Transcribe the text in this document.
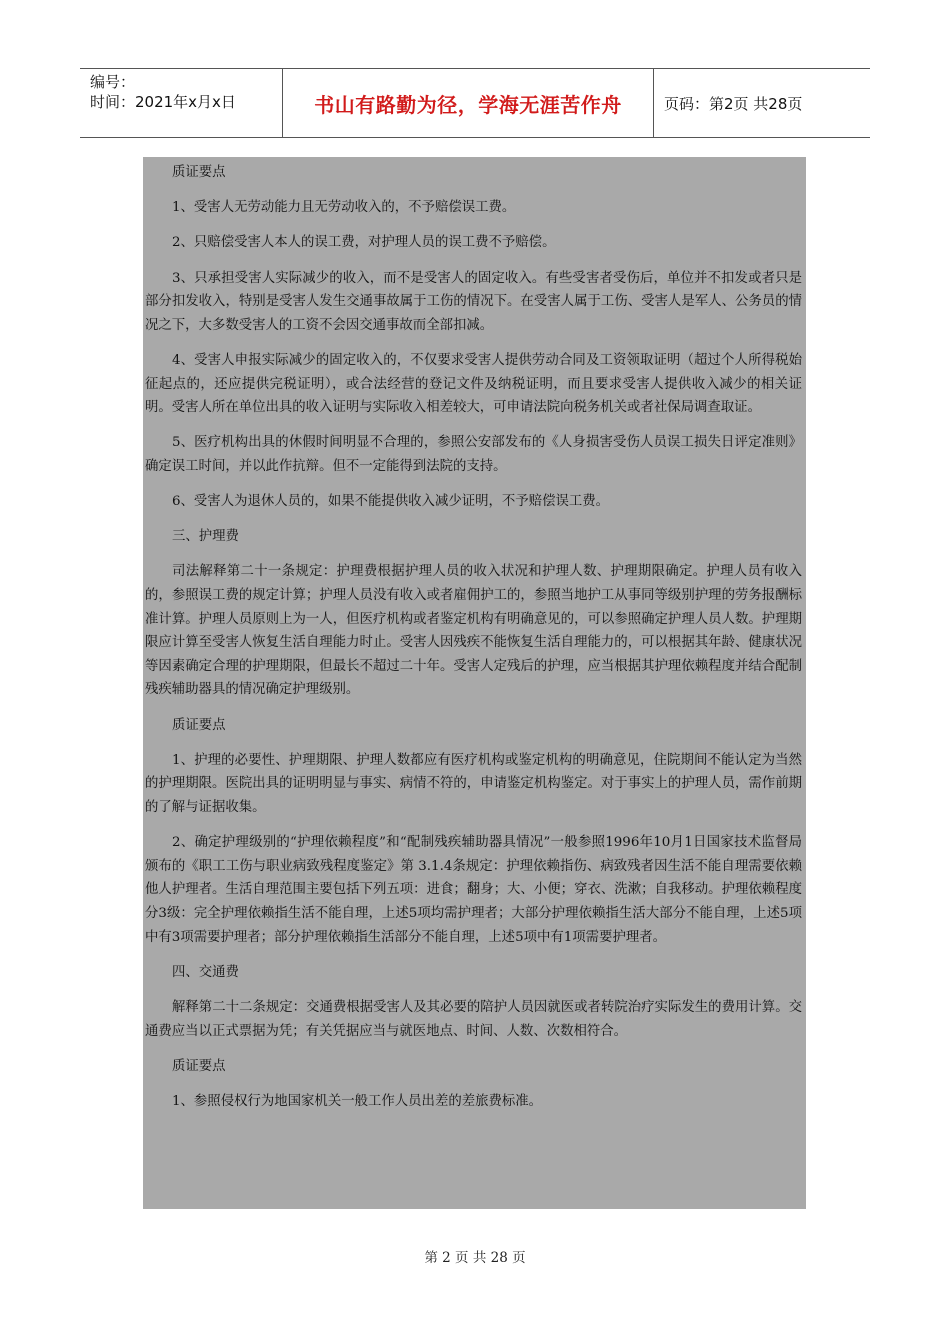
编号：
时间：2021年x月x日	书山有路勤为径，学海无涯苦作舟	页码：第2页 共28页

质证要点

1、受害人无劳动能力且无劳动收入的，不予赔偿误工费。

2、只赔偿受害人本人的误工费，对护理人员的误工费不予赔偿。

3、只承担受害人实际减少的收入，而不是受害人的固定收入。有些受害者受伤后，单位并不扣发或者只是部分扣发收入，特别是受害人发生交通事故属于工伤的情况下。在受害人属于工伤、受害人是军人、公务员的情况之下，大多数受害人的工资不会因交通事故而全部扣减。

4、受害人申报实际减少的固定收入的，不仅要求受害人提供劳动合同及工资领取证明（超过个人所得税始征起点的，还应提供完税证明），或合法经营的登记文件及纳税证明，而且要求受害人提供收入减少的相关证明。受害人所在单位出具的收入证明与实际收入相差较大，可申请法院向税务机关或者社保局调查取证。

5、医疗机构出具的休假时间明显不合理的，参照公安部发布的《人身损害受伤人员误工损失日评定准则》确定误工时间，并以此作抗辩。但不一定能得到法院的支持。

6、受害人为退休人员的，如果不能提供收入减少证明，不予赔偿误工费。

三、护理费

司法解释第二十一条规定：护理费根据护理人员的收入状况和护理人数、护理期限确定。护理人员有收入的，参照误工费的规定计算；护理人员没有收入或者雇佣护工的，参照当地护工从事同等级别护理的劳务报酬标准计算。护理人员原则上为一人，但医疗机构或者鉴定机构有明确意见的，可以参照确定护理人员人数。护理期限应计算至受害人恢复生活自理能力时止。受害人因残疾不能恢复生活自理能力的，可以根据其年龄、健康状况等因素确定合理的护理期限，但最长不超过二十年。受害人定残后的护理，应当根据其护理依赖程度并结合配制残疾辅助器具的情况确定护理级别。

质证要点

1、护理的必要性、护理期限、护理人数都应有医疗机构或鉴定机构的明确意见，住院期间不能认定为当然的护理期限。医院出具的证明明显与事实、病情不符的，申请鉴定机构鉴定。对于事实上的护理人员，需作前期的了解与证据收集。

2、确定护理级别的“护理依赖程度”和“配制残疾辅助器具情况”一般参照1996年10月1日国家技术监督局颁布的《职工工伤与职业病致残程度鉴定》第 3.1.4条规定：护理依赖指伤、病致残者因生活不能自理需要依赖他人护理者。生活自理范围主要包括下列五项：进食；翻身；大、小便；穿衣、洗漱；自我移动。护理依赖程度分3级：完全护理依赖指生活不能自理，上述5项均需护理者；大部分护理依赖指生活大部分不能自理，上述5项中有3项需要护理者；部分护理依赖指生活部分不能自理，上述5项中有1项需要护理者。

四、交通费

解释第二十二条规定：交通费根据受害人及其必要的陪护人员因就医或者转院治疗实际发生的费用计算。交通费应当以正式票据为凭；有关凭据应当与就医地点、时间、人数、次数相符合。

质证要点

1、参照侵权行为地国家机关一般工作人员出差的差旅费标准。

第 2 页 共 28 页
